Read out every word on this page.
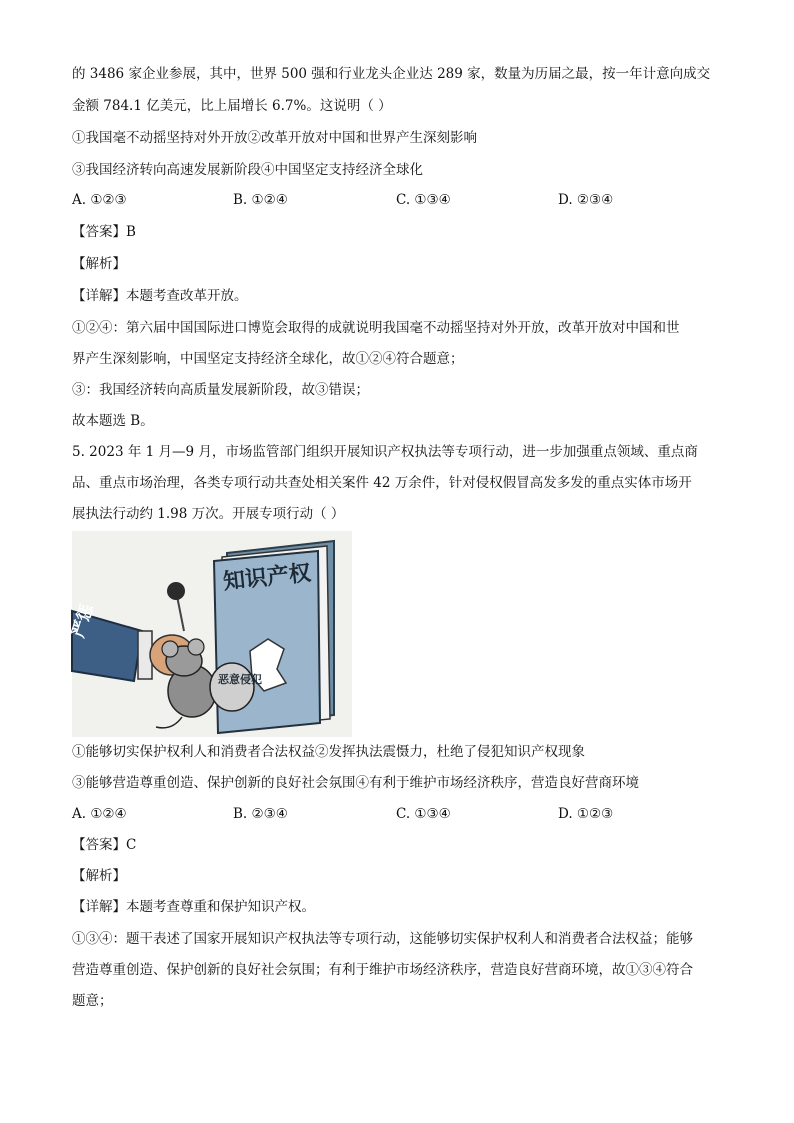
的 3486 家企业参展，其中，世界 500 强和行业龙头企业达 289 家，数量为历届之最，按一年计意向成交
金额 784.1 亿美元，比上届增长 6.7%。这说明（ ）
①我国毫不动摇坚持对外开放②改革开放对中国和世界产生深刻影响
③我国经济转向高速发展新阶段④中国坚定支持经济全球化
A. ①②③	B. ①②④	C. ①③④	D. ②③④
【答案】B
【解析】
【详解】本题考查改革开放。
①②④：第六届中国国际进口博览会取得的成就说明我国毫不动摇坚持对外开放，改革开放对中国和世
界产生深刻影响，中国坚定支持经济全球化，故①②④符合题意；
③：我国经济转向高质量发展新阶段，故③错误；
故本题选 B。
5. 2023 年 1 月—9 月，市场监管部门组织开展知识产权执法等专项行动，进一步加强重点领域、重点商
品、重点市场治理，各类专项行动共查处相关案件 42 万余件，针对侵权假冒高发多发的重点实体市场开
展执法行动约 1.98 万次。开展专项行动（ ）
知识产权
严惩
恶意侵犯
①能够切实保护权利人和消费者合法权益②发挥执法震慑力，杜绝了侵犯知识产权现象
③能够营造尊重创造、保护创新的良好社会氛围④有利于维护市场经济秩序，营造良好营商环境
A. ①②④	B. ②③④	C. ①③④	D. ①②③
【答案】C
【解析】
【详解】本题考查尊重和保护知识产权。
①③④：题干表述了国家开展知识产权执法等专项行动，这能够切实保护权利人和消费者合法权益；能够
营造尊重创造、保护创新的良好社会氛围；有利于维护市场经济秩序，营造良好营商环境，故①③④符合
题意；
